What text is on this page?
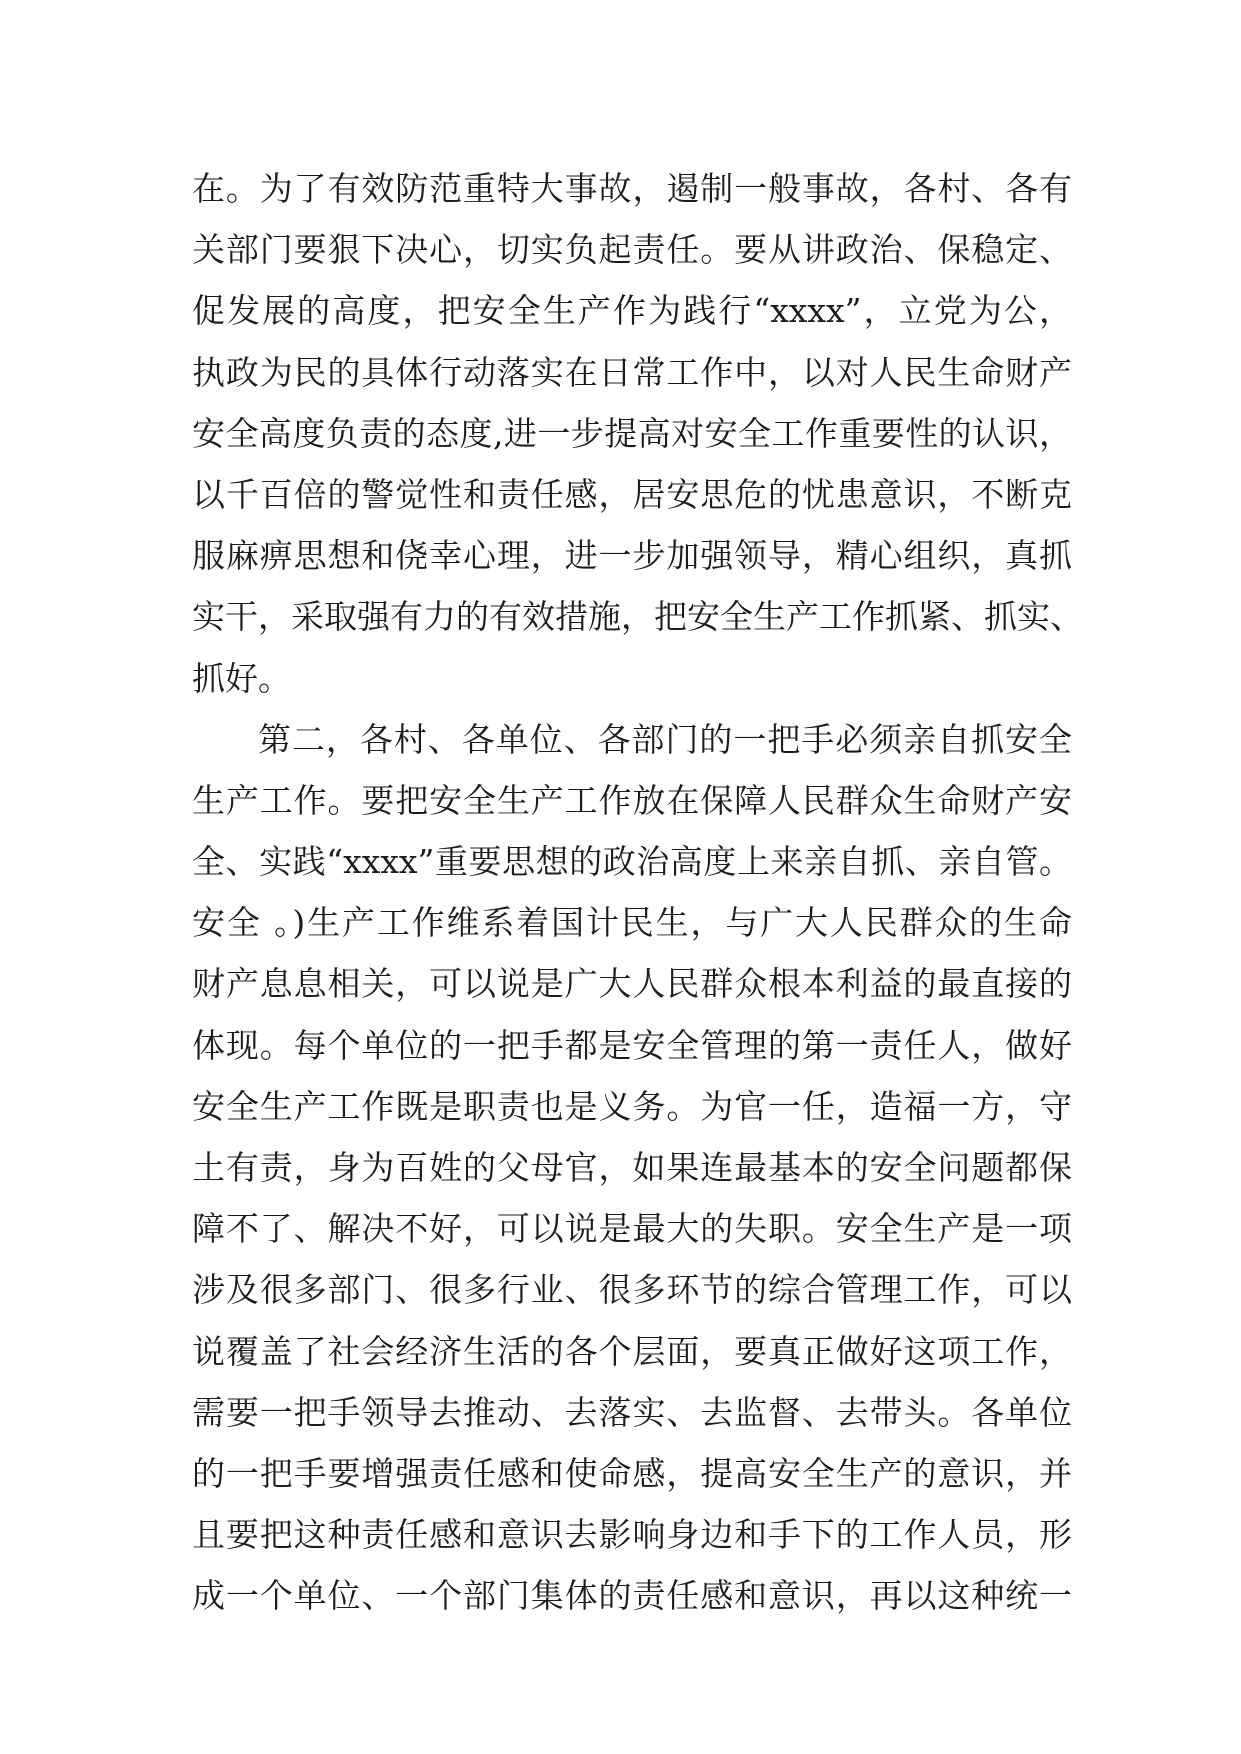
在。为了有效防范重特大事故，遏制一般事故，各村、各有
关部门要狠下决心，切实负起责任。要从讲政治、保稳定、
促发展的高度，把安全生产作为践行“xxxx”，立党为公，
执政为民的具体行动落实在日常工作中，以对人民生命财产
安全高度负责的态度,进一步提高对安全工作重要性的认识，
以千百倍的警觉性和责任感，居安思危的忧患意识，不断克
服麻痹思想和侥幸心理，进一步加强领导，精心组织，真抓
实干，采取强有力的有效措施，把安全生产工作抓紧、抓实、
抓好。
第二，各村、各单位、各部门的一把手必须亲自抓安全
生产工作。要把安全生产工作放在保障人民群众生命财产安
全、实践“xxxx”重要思想的政治高度上来亲自抓、亲自管。
安全 。)生产工作维系着国计民生，与广大人民群众的生命
财产息息相关，可以说是广大人民群众根本利益的最直接的
体现。每个单位的一把手都是安全管理的第一责任人，做好
安全生产工作既是职责也是义务。为官一任，造福一方，守
土有责，身为百姓的父母官，如果连最基本的安全问题都保
障不了、解决不好，可以说是最大的失职。安全生产是一项
涉及很多部门、很多行业、很多环节的综合管理工作，可以
说覆盖了社会经济生活的各个层面，要真正做好这项工作，
需要一把手领导去推动、去落实、去监督、去带头。各单位
的一把手要增强责任感和使命感，提高安全生产的意识，并
且要把这种责任感和意识去影响身边和手下的工作人员，形
成一个单位、一个部门集体的责任感和意识，再以这种统一
